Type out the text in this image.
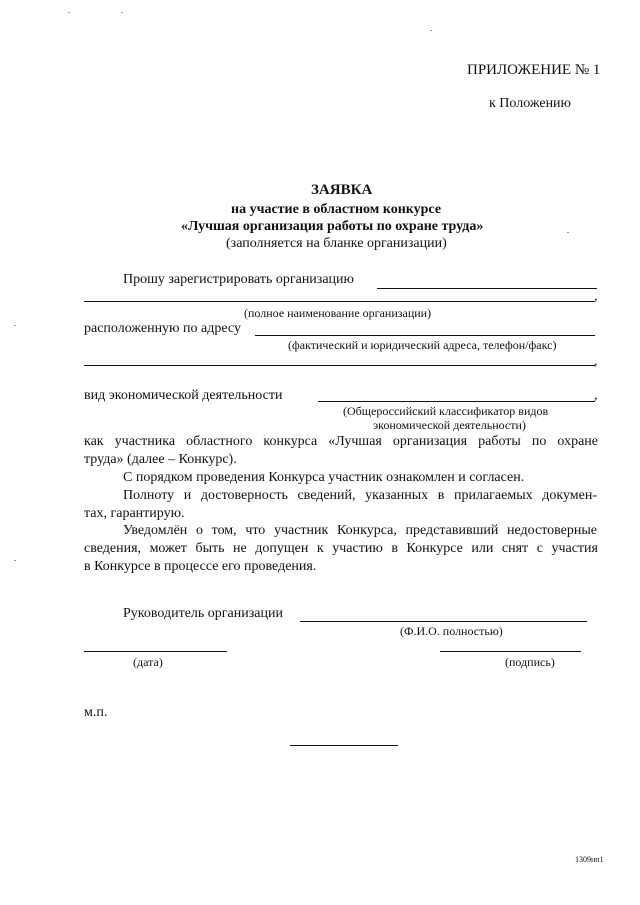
ПРИЛОЖЕНИЕ № 1
к Положению
ЗАЯВКА
на участие в областном конкурсе
«Лучшая организация работы по охране труда»
(заполняется на бланке организации)
Прошу зарегистрировать организацию
,
(полное наименование организации)
расположенную по адресу
(фактический и юридический адреса, телефон/факс)
,
вид экономической деятельности	,
(Общероссийский классификатор видов
экономической деятельности)
как участника областного конкурса «Лучшая организация работы по охране
труда» (далее – Конкурс).
С порядком проведения Конкурса участник ознакомлен и согласен.
Полноту и достоверность сведений, указанных в прилагаемых докумен-
тах, гарантирую.
Уведомлён о том, что участник Конкурса, представивший недостоверные
сведения, может быть не допущен к участию в Конкурсе или снят с участия
в Конкурсе в процессе его проведения.
Руководитель организации
(Ф.И.О. полностью)
(дата)	(подпись)
м.п.
1309нп1
